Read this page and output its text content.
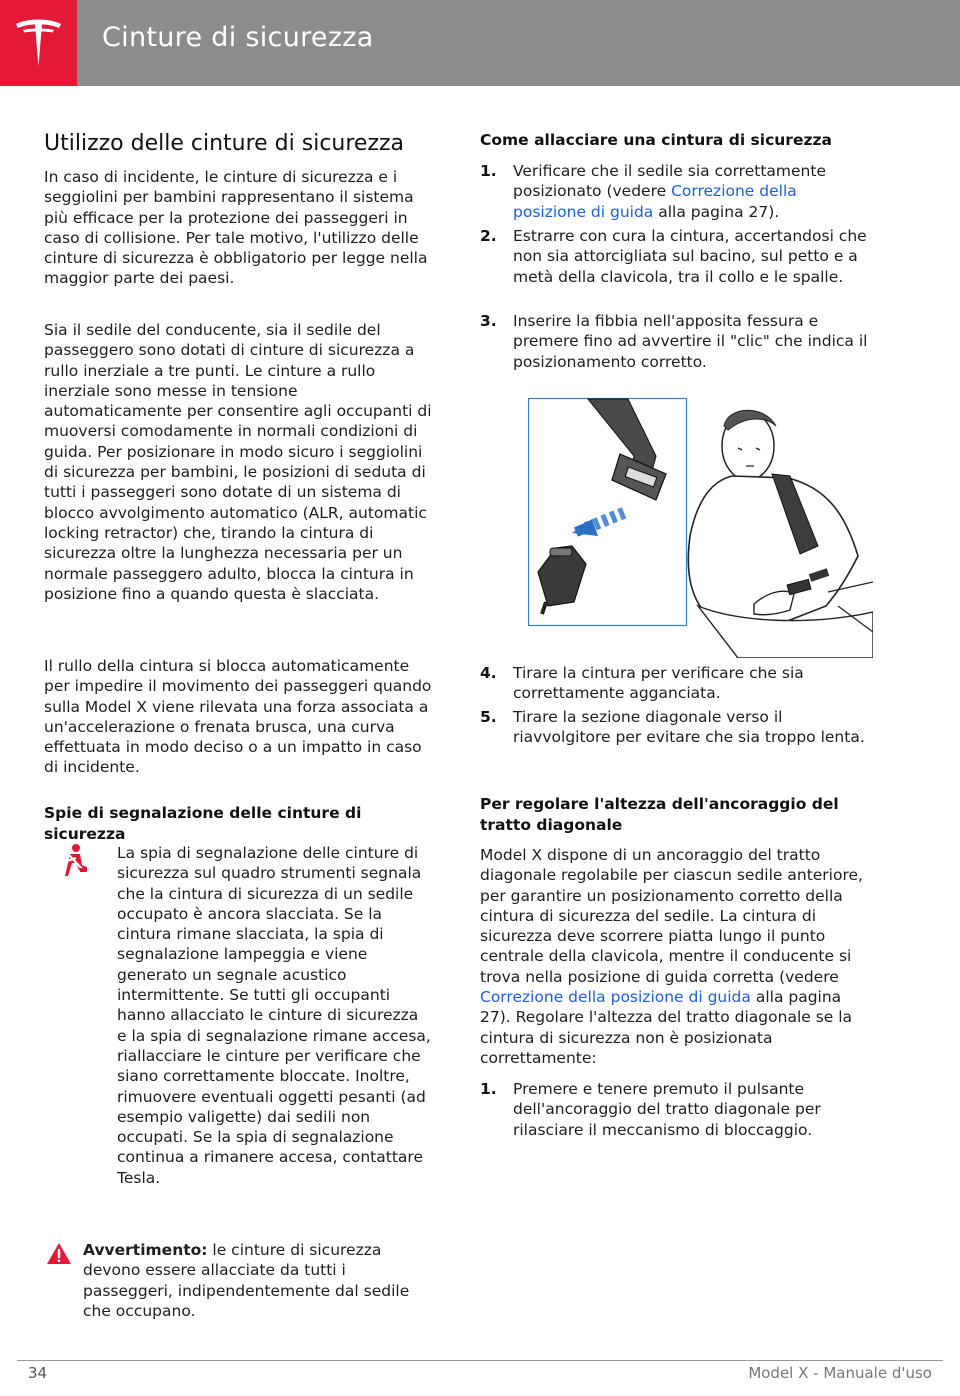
Cinture di sicurezza
Utilizzo delle cinture di sicurezza

In caso di incidente, le cinture di sicurezza e i seggiolini per bambini rappresentano il sistema più efficace per la protezione dei passeggeri in caso di collisione. Per tale motivo, l'utilizzo delle cinture di sicurezza è obbligatorio per legge nella maggior parte dei paesi.

Sia il sedile del conducente, sia il sedile del passeggero sono dotati di cinture di sicurezza a rullo inerziale a tre punti. Le cinture a rullo inerziale sono messe in tensione automaticamente per consentire agli occupanti di muoversi comodamente in normali condizioni di guida. Per posizionare in modo sicuro i seggiolini di sicurezza per bambini, le posizioni di seduta di tutti i passeggeri sono dotate di un sistema di blocco avvolgimento automatico (ALR, automatic locking retractor) che, tirando la cintura di sicurezza oltre la lunghezza necessaria per un normale passeggero adulto, blocca la cintura in posizione fino a quando questa è slacciata.

Il rullo della cintura si blocca automaticamente per impedire il movimento dei passeggeri quando sulla Model X viene rilevata una forza associata a un'accelerazione o frenata brusca, una curva effettuata in modo deciso o a un impatto in caso di incidente.

Spie di segnalazione delle cinture di sicurezza

La spia di segnalazione delle cinture di sicurezza sul quadro strumenti segnala che la cintura di sicurezza di un sedile occupato è ancora slacciata. Se la cintura rimane slacciata, la spia di segnalazione lampeggia e viene generato un segnale acustico intermittente. Se tutti gli occupanti hanno allacciato le cinture di sicurezza e la spia di segnalazione rimane accesa, riallacciare le cinture per verificare che siano correttamente bloccate. Inoltre, rimuovere eventuali oggetti pesanti (ad esempio valigette) dai sedili non occupati. Se la spia di segnalazione continua a rimanere accesa, contattare Tesla.

Avvertimento: le cinture di sicurezza devono essere allacciate da tutti i passeggeri, indipendentemente dal sedile che occupano.

Come allacciare una cintura di sicurezza
1. Verificare che il sedile sia correttamente posizionato (vedere Correzione della posizione di guida alla pagina 27).
2. Estrarre con cura la cintura, accertandosi che non sia attorcigliata sul bacino, sul petto e a metà della clavicola, tra il collo e le spalle.
3. Inserire la fibbia nell'apposita fessura e premere fino ad avvertire il "clic" che indica il posizionamento corretto.
4. Tirare la cintura per verificare che sia correttamente agganciata.
5. Tirare la sezione diagonale verso il riavvolgitore per evitare che sia troppo lenta.
Per regolare l'altezza dell'ancoraggio del tratto diagonale

Model X dispone di un ancoraggio del tratto diagonale regolabile per ciascun sedile anteriore, per garantire un posizionamento corretto della cintura di sicurezza del sedile. La cintura di sicurezza deve scorrere piatta lungo il punto centrale della clavicola, mentre il conducente si trova nella posizione di guida corretta (vedere Correzione della posizione di guida alla pagina 27). Regolare l'altezza del tratto diagonale se la cintura di sicurezza non è posizionata correttamente:

1. Premere e tenere premuto il pulsante dell'ancoraggio del tratto diagonale per rilasciare il meccanismo di bloccaggio.
34	Model X - Manuale d'uso
